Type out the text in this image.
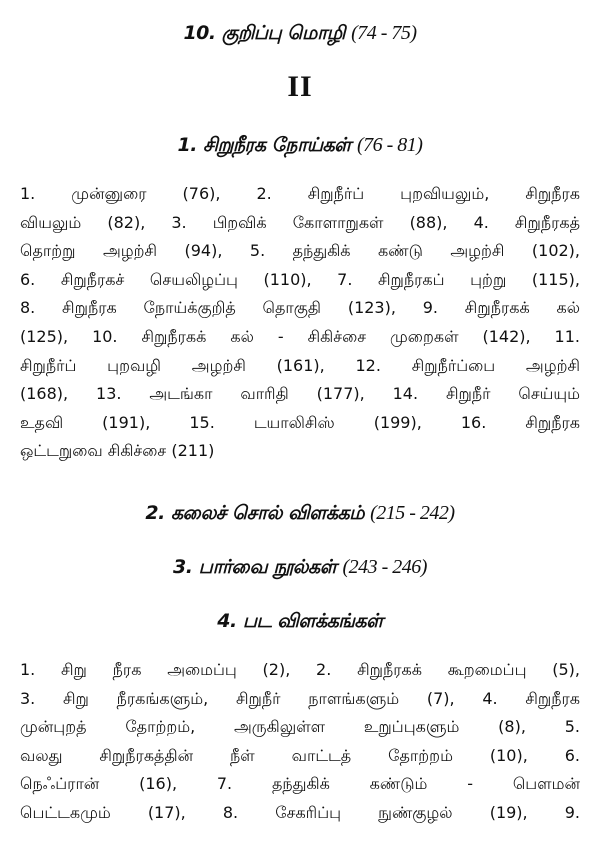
10. குறிப்பு மொழி (74 - 75)
II
1. சிறுநீரக நோய்கள் (76 - 81)
1. முன்னுரை (76), 2. சிறுநீர்ப் புறவியலும், சிறுநீரக
வியலும் (82), 3. பிறவிக் கோளாறுகள் (88), 4. சிறுநீரகத்
தொற்று அழற்சி (94), 5. தந்துகிக் கண்டு அழற்சி (102),
6. சிறுநீரகச் செயலிழப்பு (110), 7. சிறுநீரகப் புற்று (115),
8. சிறுநீரக நோய்க்குறித் தொகுதி (123), 9. சிறுநீரகக் கல்
(125), 10. சிறுநீரகக் கல் - சிகிச்சை முறைகள் (142), 11.
சிறுநீர்ப் புறவழி அழற்சி (161), 12. சிறுநீர்ப்பை அழற்சி
(168), 13. அடங்கா வாரிதி (177), 14. சிறுநீர் செய்யும்
உதவி (191), 15. டயாலிசிஸ் (199), 16. சிறுநீரக
ஒட்டறுவை சிகிச்சை (211)
2. கலைச் சொல் விளக்கம் (215 - 242)
3. பார்வை நூல்கள் (243 - 246)
4. பட விளக்கங்கள்
1. சிறு நீரக அமைப்பு (2), 2. சிறுநீரகக் கூறமைப்பு (5),
3. சிறு நீரகங்களும், சிறுநீர் நாளங்களும் (7), 4. சிறுநீரக
முன்புறத் தோற்றம், அருகிலுள்ள உறுப்புகளும் (8), 5.
வலது சிறுநீரகத்தின் நீள் வாட்டத் தோற்றம் (10), 6.
நெஃப்ரான் (16), 7. தந்துகிக் கண்டும் - பௌமன்
பெட்டகமும் (17), 8. சேகரிப்பு நுண்குழல் (19), 9.
